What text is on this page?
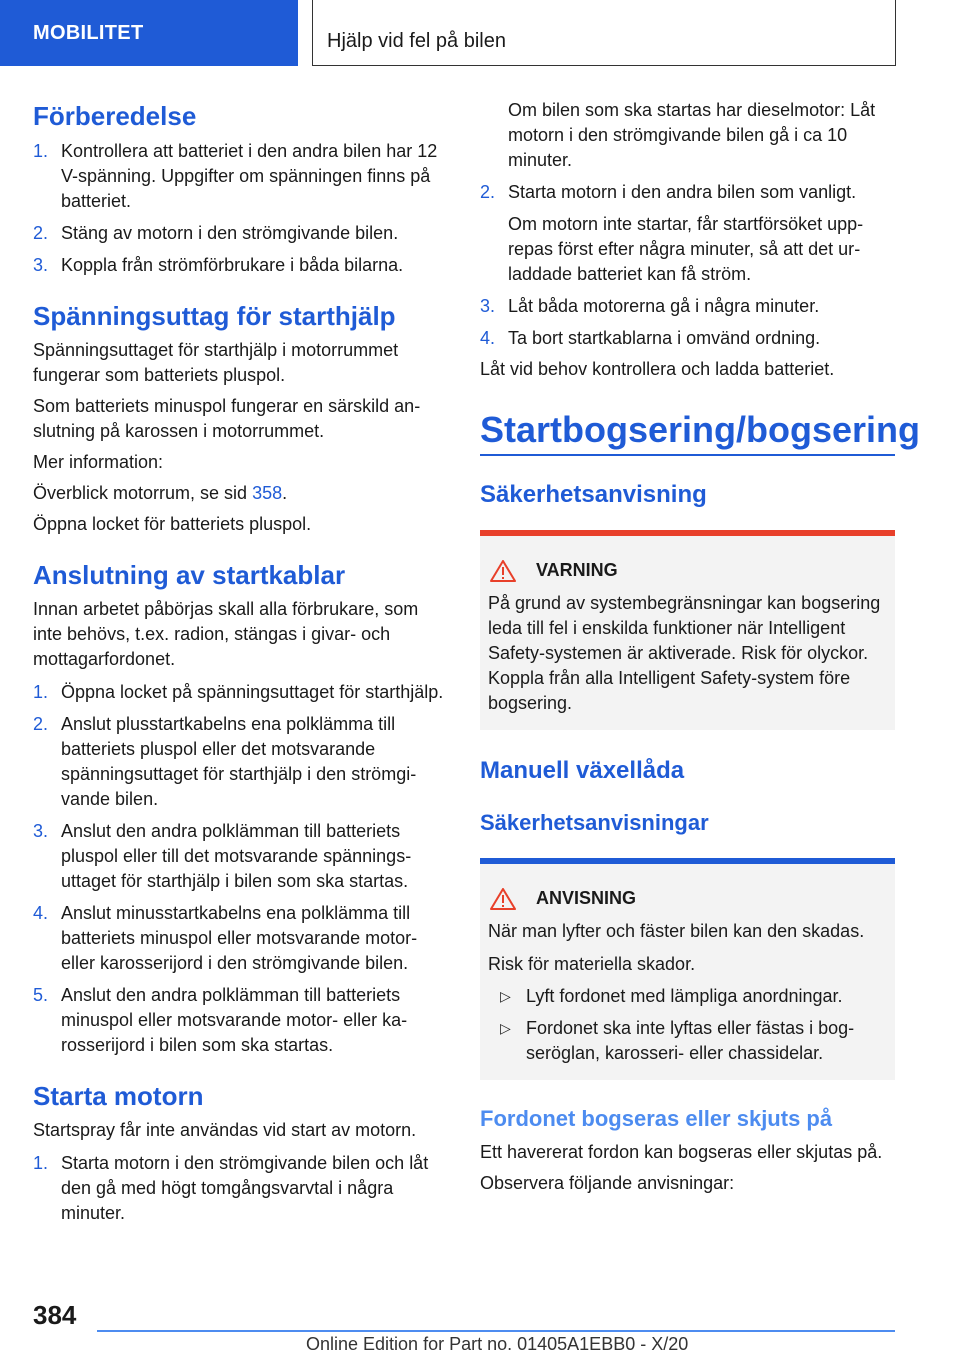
MOBILITET	Hjälp vid fel på bilen
Förberedelse
1. Kontrollera att batteriet i den andra bilen har 12 V-spänning. Uppgifter om spänningen finns på batteriet.
2. Stäng av motorn i den strömgivande bilen.
3. Koppla från strömförbrukare i båda bilarna.
Spänningsuttag för starthjälp

Spänningsuttaget för starthjälp i motorrummet fungerar som batteriets pluspol.

Som batteriets minuspol fungerar en särskild anslutning på karossen i motorrummet.

Mer information:

Överblick motorrum, se sid 358.

Öppna locket för batteriets pluspol.

Anslutning av startkablar

Innan arbetet påbörjas skall alla förbrukare, som inte behövs, t.ex. radion, stängas i givar- och mottagarfordonet.

1. Öppna locket på spänningsuttaget för starthjälp.
2. Anslut plusstartkabelns ena polklämma till batteriets pluspol eller det motsvarande spänningsuttaget för starthjälp i den strömgivande bilen.
3. Anslut den andra polklämman till batteriets pluspol eller till det motsvarande spänningsuttaget för starthjälp i bilen som ska startas.
4. Anslut minusstartkabelns ena polklämma till batteriets minuspol eller motsvarande motor- eller karosserijord i den strömgivande bilen.
5. Anslut den andra polklämman till batteriets minuspol eller motsvarande motor- eller karosserijord i bilen som ska startas.
Starta motorn

Startspray får inte användas vid start av motorn.

1. Starta motorn i den strömgivande bilen och låt den gå med högt tomgångsvarvtal i några minuter.
Om bilen som ska startas har dieselmotor: Låt motorn i den strömgivande bilen gå i ca 10 minuter.
2. Starta motorn i den andra bilen som vanligt.
Om motorn inte startar, får startförsöket upprepas först efter några minuter, så att det urladdade batteriet kan få ström.
3. Låt båda motorerna gå i några minuter.
4. Ta bort startkablarna i omvänd ordning.

Låt vid behov kontrollera och ladda batteriet.

Startbogsering/bogsering
Säkerhetsanvisning
VARNING

På grund av systembegränsningar kan bogsering leda till fel i enskilda funktioner när Intelligent Safety-systemen är aktiverade. Risk för olyckor. Koppla från alla Intelligent Safety-system före bogsering.

Manuell växellåda
Säkerhetsanvisningar
ANVISNING

När man lyfter och fäster bilen kan den skadas.

Risk för materiella skador.

▷ Lyft fordonet med lämpliga anordningar.
▷ Fordonet ska inte lyftas eller fästas i bogseröglan, karosseri- eller chassidelar.
Fordonet bogseras eller skjuts på

Ett havererat fordon kan bogseras eller skjutas på.

Observera följande anvisningar:

384
Online Edition for Part no. 01405A1EBB0 - X/20
